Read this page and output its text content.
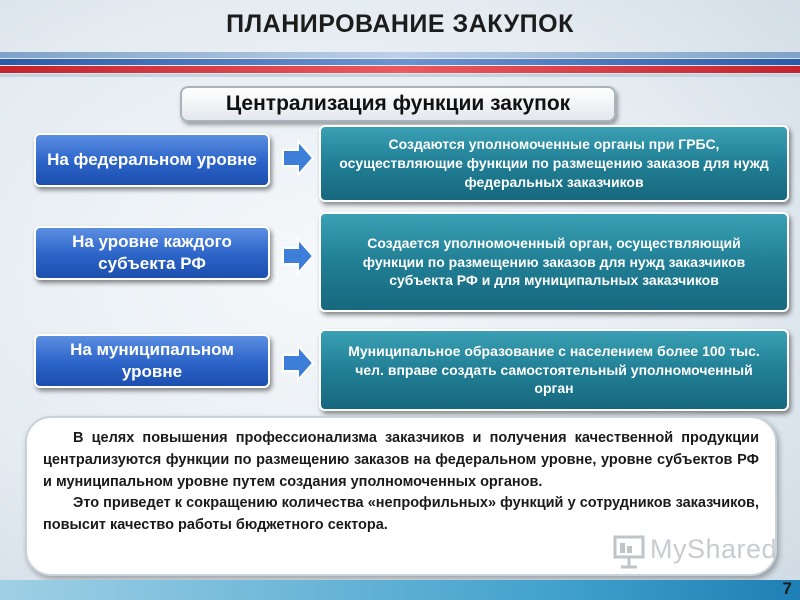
ПЛАНИРОВАНИЕ ЗАКУПОК
Централизация функции закупок
На федеральном уровне
Создаются уполномоченные органы при ГРБС, осуществляющие функции по размещению заказов для нужд федеральных заказчиков
На уровне каждого субъекта РФ
Создается уполномоченный орган, осуществляющий функции по размещению заказов для нужд заказчиков субъекта РФ и для муниципальных заказчиков
На муниципальном уровне
Муниципальное образование с населением более 100 тыс. чел. вправе создать самостоятельный уполномоченный орган

В целях повышения профессионализма заказчиков и получения качественной продукции централизуются функции по размещению заказов на федеральном уровне, уровне субъектов РФ и муниципальном уровне путем создания уполномоченных органов.

Это приведет к сокращению количества «непрофильных» функций у сотрудников заказчиков, повысит качество работы бюджетного сектора.

MyShared
7
